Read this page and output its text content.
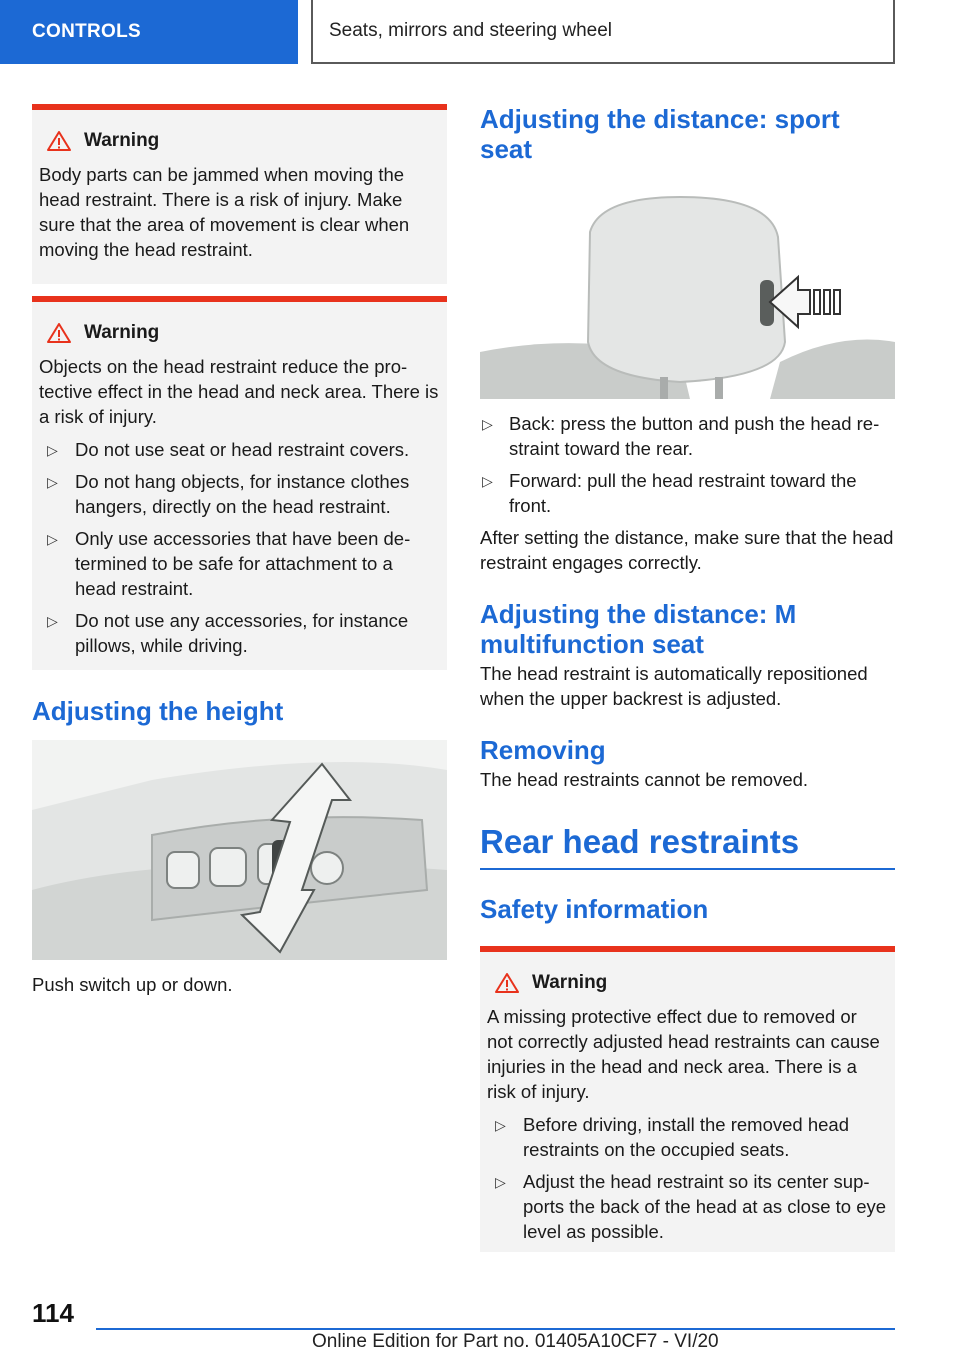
CONTROLS	Seats, mirrors and steering wheel
Warning

Body parts can be jammed when moving the head restraint. There is a risk of injury. Make sure that the area of movement is clear when moving the head restraint.

Warning

Objects on the head restraint reduce the protective effect in the head and neck area. There is a risk of injury.

▷ Do not use seat or head restraint covers.
▷ Do not hang objects, for instance clothes hangers, directly on the head restraint.
▷ Only use accessories that have been determined to be safe for attachment to a head restraint.
▷ Do not use any accessories, for instance pillows, while driving.
Adjusting the height

Push switch up or down.

Adjusting the distance: sport seat
▷ Back: press the button and push the head restraint toward the rear.
▷ Forward: pull the head restraint toward the front.

After setting the distance, make sure that the head restraint engages correctly.

Adjusting the distance: M multifunction seat

The head restraint is automatically repositioned when the upper backrest is adjusted.

Removing

The head restraints cannot be removed.

Rear head restraints
Safety information
Warning

A missing protective effect due to removed or not correctly adjusted head restraints can cause injuries in the head and neck area. There is a risk of injury.

▷ Before driving, install the removed head restraints on the occupied seats.
▷ Adjust the head restraint so its center supports the back of the head at as close to eye level as possible.
114
Online Edition for Part no. 01405A10CF7 - VI/20
